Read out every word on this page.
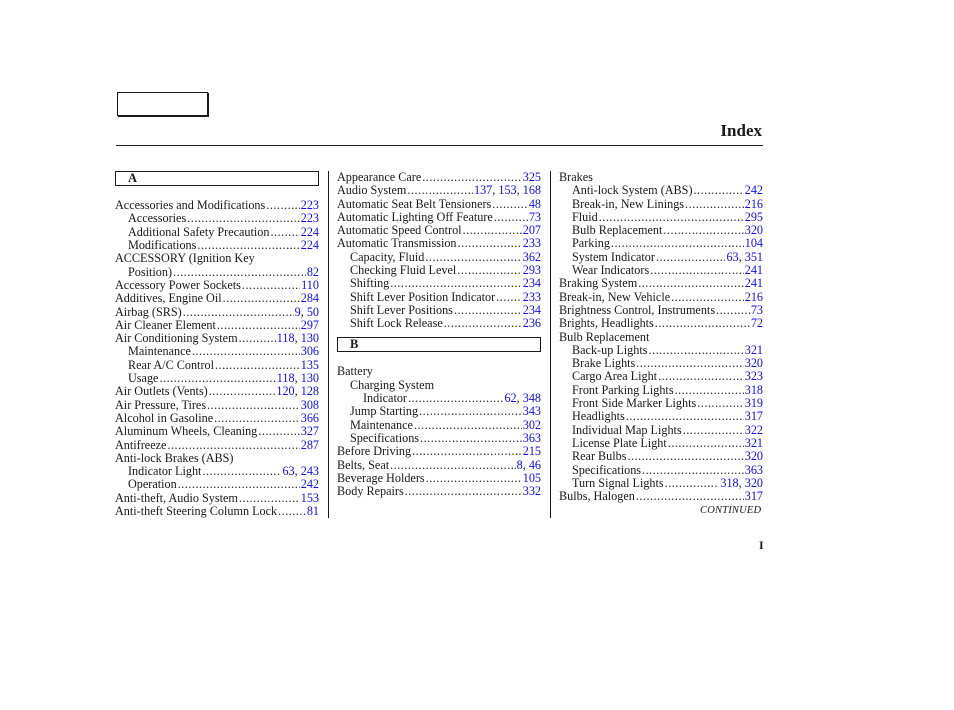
Index
A
Accessories and Modifications .....	223
Accessories .....	223
Additional Safety Precaution .....	224
Modifications .....	224
ACCESSORY (Ignition Key
Position) .....	82
Accessory Power Sockets .....	110
Additives, Engine Oil .....	284
Airbag (SRS) .....	9, 50
Air Cleaner Element .....	297
Air Conditioning System .....	118, 130
Maintenance .....	306
Rear A/C Control .....	135
Usage .....	118, 130
Air Outlets (Vents) .....	120, 128
Air Pressure, Tires .....	308
Alcohol in Gasoline .....	366
Aluminum Wheels, Cleaning .....	327
Antifreeze .....	287
Anti-lock Brakes (ABS)
Indicator Light .....	63, 243
Operation .....	242
Anti-theft, Audio System .....	153
Anti-theft Steering Column Lock ..... 81
Appearance Care .....	325
Audio System .....	137, 153, 168
Automatic Seat Belt Tensioners .....	48
Automatic Lighting Off Feature .....	73
Automatic Speed Control .....	207
Automatic Transmission .....	233
Capacity, Fluid .....	362
Checking Fluid Level .....	293
Shifting .....	234
Shift Lever Position Indicator ..... 233
Shift Lever Positions .....	234
Shift Lock Release .....	236
B
Battery
Charging System
Indicator .....	62, 348
Jump Starting .....	343
Maintenance .....	302
Specifications .....	363
Before Driving .....	215
Belts, Seat .....	8, 46
Beverage Holders .....	105
Body Repairs .....	332
Brakes
Anti-lock System (ABS) .....	242
Break-in, New Linings .....	216
Fluid .....	295
Bulb Replacement .....	320
Parking .....	104
System Indicator .....	63, 351
Wear Indicators .....	241
Braking System .....	241
Break-in, New Vehicle .....	216
Brightness Control, Instruments .....	73
Brights, Headlights .....	72
Bulb Replacement
Back-up Lights .....	321
Brake Lights .....	320
Cargo Area Light .....	323
Front Parking Lights .....	318
Front Side Marker Lights .....	319
Headlights .....	317
Individual Map Lights .....	322
License Plate Light .....	321
Rear Bulbs .....	320
Specifications .....	363
Turn Signal Lights .....	318, 320
Bulbs, Halogen .....	317
CONTINUED
I
